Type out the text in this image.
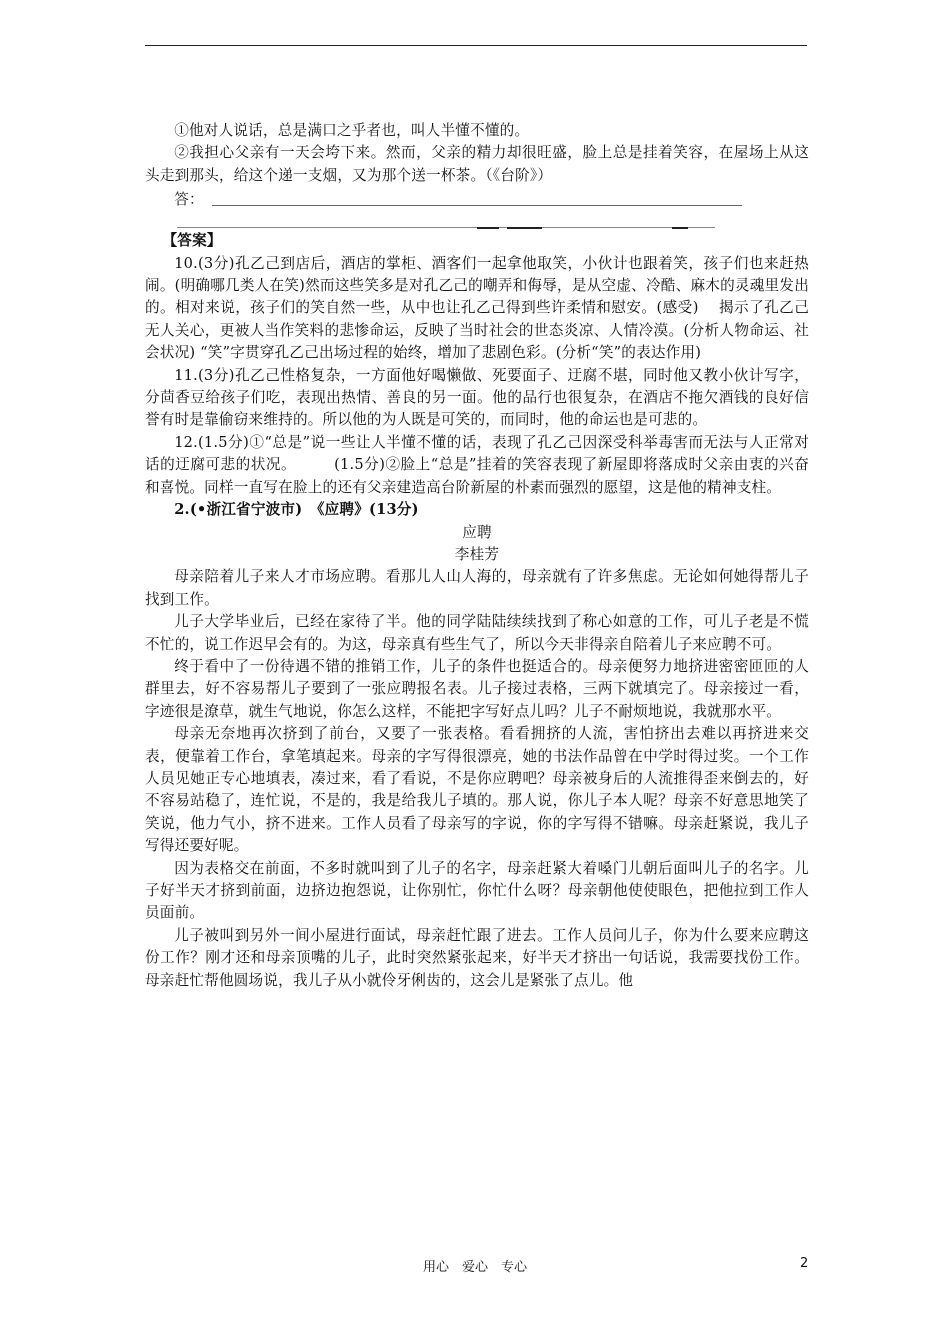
①他对人说话，总是满口之乎者也，叫人半懂不懂的。

②我担心父亲有一天会垮下来。然而，父亲的精力却很旺盛，脸上总是挂着笑容，在屋场上从这头走到那头，给这个递一支烟，又为那个送一杯茶。（《台阶》）

答：

【答案】

10.(3分)孔乙己到店后，酒店的掌柜、酒客们一起拿他取笑，小伙计也跟着笑，孩子们也来赶热闹。(明确哪几类人在笑)然而这些笑多是对孔乙己的嘲弄和侮辱，是从空虚、冷酷、麻木的灵魂里发出的。相对来说，孩子们的笑自然一些，从中也让孔乙己得到些许柔情和慰安。(感受)　 揭示了孔乙己无人关心，更被人当作笑料的悲惨命运，反映了当时社会的世态炎凉、人情冷漠。(分析人物命运、社会状况) “笑”字贯穿孔乙己出场过程的始终，增加了悲剧色彩。(分析“笑”的表达作用)

11.(3分)孔乙己性格复杂，一方面他好喝懒做、死要面子、迂腐不堪，同时他又教小伙计写字，分茴香豆给孩子们吃，表现出热情、善良的另一面。他的品行也很复杂，在酒店不拖欠酒钱的良好信誉有时是靠偷窃来维持的。所以他的为人既是可笑的，而同时，他的命运也是可悲的。

12.(1.5分)①“总是”说一些让人半懂不懂的话，表现了孔乙己因深受科举毒害而无法与人正常对话的迂腐可悲的状况。　　　(1.5分)②脸上“总是”挂着的笑容表现了新屋即将落成时父亲由衷的兴奋和喜悦。同样一直写在脸上的还有父亲建造高台阶新屋的朴素而强烈的愿望，这是他的精神支柱。

2.(•浙江省宁波市)　《应聘》(13分)

应聘

李桂芳

母亲陪着儿子来人才市场应聘。看那儿人山人海的，母亲就有了许多焦虑。无论如何她得帮儿子找到工作。

儿子大学毕业后，已经在家待了半。他的同学陆陆续续找到了称心如意的工作，可儿子老是不慌不忙的，说工作迟早会有的。为这，母亲真有些生气了，所以今天非得亲自陪着儿子来应聘不可。

终于看中了一份待遇不错的推销工作，儿子的条件也挺适合的。母亲便努力地挤进密密匝匝的人群里去，好不容易帮儿子要到了一张应聘报名表。儿子接过表格，三两下就填完了。母亲接过一看，字迹很是潦草，就生气地说，你怎么这样，不能把字写好点儿吗？儿子不耐烦地说，我就那水平。

母亲无奈地再次挤到了前台，又要了一张表格。看看拥挤的人流，害怕挤出去难以再挤进来交表，便靠着工作台，拿笔填起来。母亲的字写得很漂亮，她的书法作品曾在中学时得过奖。一个工作人员见她正专心地填表，凑过来，看了看说，不是你应聘吧？母亲被身后的人流推得歪来倒去的，好不容易站稳了，连忙说，不是的，我是给我儿子填的。那人说，你儿子本人呢？母亲不好意思地笑了笑说，他力气小，挤不进来。工作人员看了母亲写的字说，你的字写得不错嘛。母亲赶紧说，我儿子写得还要好呢。

因为表格交在前面，不多时就叫到了儿子的名字，母亲赶紧大着嗓门儿朝后面叫儿子的名字。儿子好半天才挤到前面，边挤边抱怨说，让你别忙，你忙什么呀？母亲朝他使使眼色，把他拉到工作人员面前。

儿子被叫到另外一间小屋进行面试，母亲赶忙跟了进去。工作人员问儿子，你为什么要来应聘这份工作？刚才还和母亲顶嘴的儿子，此时突然紧张起来，好半天才挤出一句话说，我需要找份工作。母亲赶忙帮他圆场说，我儿子从小就伶牙俐齿的，这会儿是紧张了点儿。他

用心　爱心　专心	2
